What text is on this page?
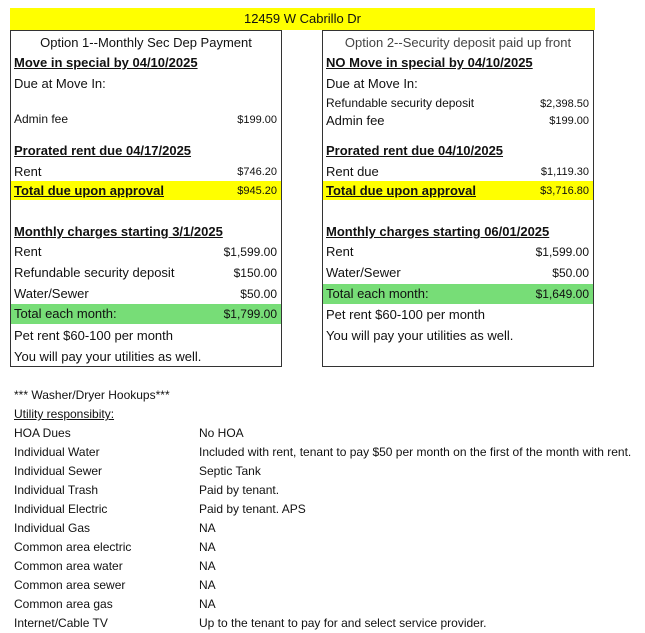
12459 W Cabrillo Dr
Option 1--Monthly Sec Dep Payment
Move in special by 04/10/2025
Due at Move In:
Admin fee	$199.00
Prorated rent due 04/17/2025
Rent	$746.20
Total due upon approval	$945.20
Monthly charges starting 3/1/2025
Rent	$1,599.00
Refundable security deposit	$150.00
Water/Sewer	$50.00
Total each month:	$1,799.00
Pet rent $60-100 per month
You will pay your utilities as well.
Option 2--Security deposit paid up front
NO Move in special by 04/10/2025
Due at Move In:
Refundable security deposit	$2,398.50
Admin fee	$199.00
Prorated rent due 04/10/2025
Rent due	$1,119.30
Total due upon approval	$3,716.80
Monthly charges starting 06/01/2025
Rent	$1,599.00
Water/Sewer	$50.00
Total each month:	$1,649.00
Pet rent $60-100 per month
You will pay your utilities as well.
*** Washer/Dryer Hookups***
Utility responsibity:
HOA Dues	No HOA
Individual Water	Included with rent, tenant to pay $50 per month on the first of the month with rent.
Individual Sewer	Septic Tank
Individual Trash	Paid by tenant.
Individual Electric	Paid by tenant. APS
Individual Gas	NA
Common area electric	NA
Common area water	NA
Common area sewer	NA
Common area gas	NA
Internet/Cable TV	Up to the tenant to pay for and select service provider.
